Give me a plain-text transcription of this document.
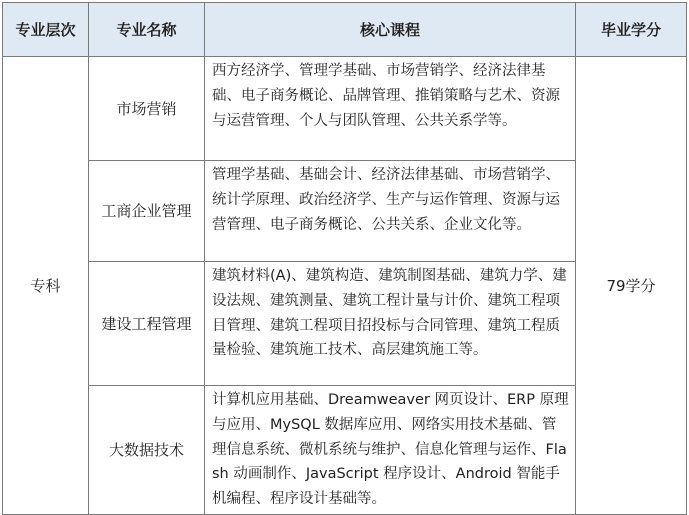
专业层次	专业名称	核心课程	毕业学分
专科	市场营销	西方经济学、管理学基础、市场营销学、经济法律基础、电子商务概论、品牌管理、推销策略与艺术、资源与运营管理、个人与团队管理、公共关系学等。	79学分
	工商企业管理	管理学基础、基础会计、经济法律基础、市场营销学、统计学原理、政治经济学、生产与运作管理、资源与运营管理、电子商务概论、公共关系、企业文化等。	
	建设工程管理	建筑材料(A)、建筑构造、建筑制图基础、建筑力学、建设法规、建筑测量、建筑工程计量与计价、建筑工程项目管理、建筑工程项目招投标与合同管理、建筑工程质量检验、建筑施工技术、高层建筑施工等。	
	大数据技术	计算机应用基础、Dreamweaver 网页设计、ERP 原理与应用、MySQL 数据库应用、网络实用技术基础、管理信息系统、微机系统与维护、信息化管理与运作、Flash 动画制作、JavaScript 程序设计、Android 智能手机编程、程序设计基础等。	
